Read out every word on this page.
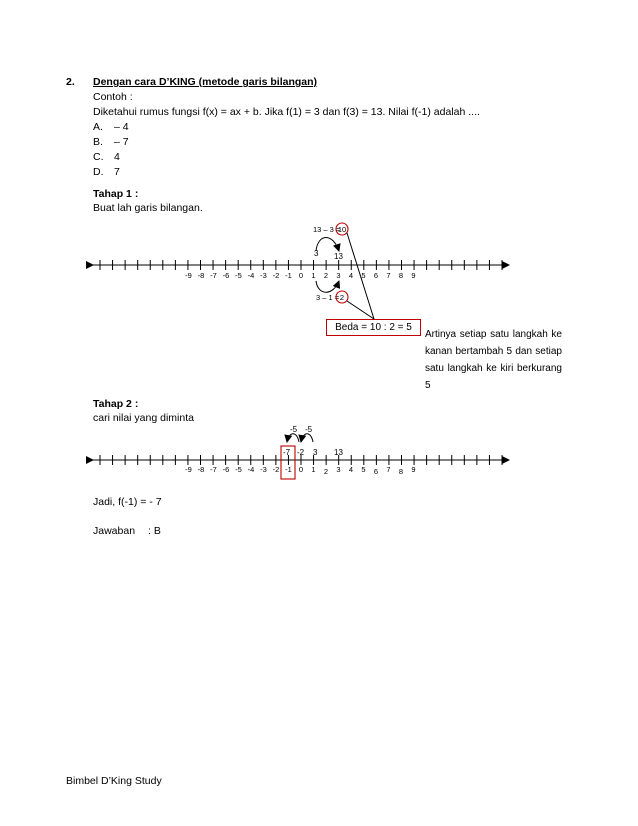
2. Dengan cara D’KING (metode garis bilangan)
Contoh :
Diketahui rumus fungsi f(x) = ax + b. Jika f(1) = 3 dan f(3) = 13. Nilai f(-1) adalah ....
A. – 4
B. – 7
C. 4
D. 7
Tahap 1 :
Buat lah garis bilangan.
-9 -8 -7 -6 -5 -4 -3 -2 -1 0 1 2 3 4 5 6 7 8 9
13 – 3 =
10
3 13
3 – 1 = 2
-9 -8 -7 -6 -5 -4 -3 -2 -1 0 1 2 3 4 5 6 7 8 9
-5 -5
-7 -2 3 13
Beda = 10 : 2 = 5
Artinya setiap satu langkah ke kanan bertambah 5 dan setiap satu langkah ke kiri berkurang 5
Tahap 2 :
cari nilai yang diminta
Jadi, f(-1) = - 7
Jawaban : B
Bimbel D’King Study
